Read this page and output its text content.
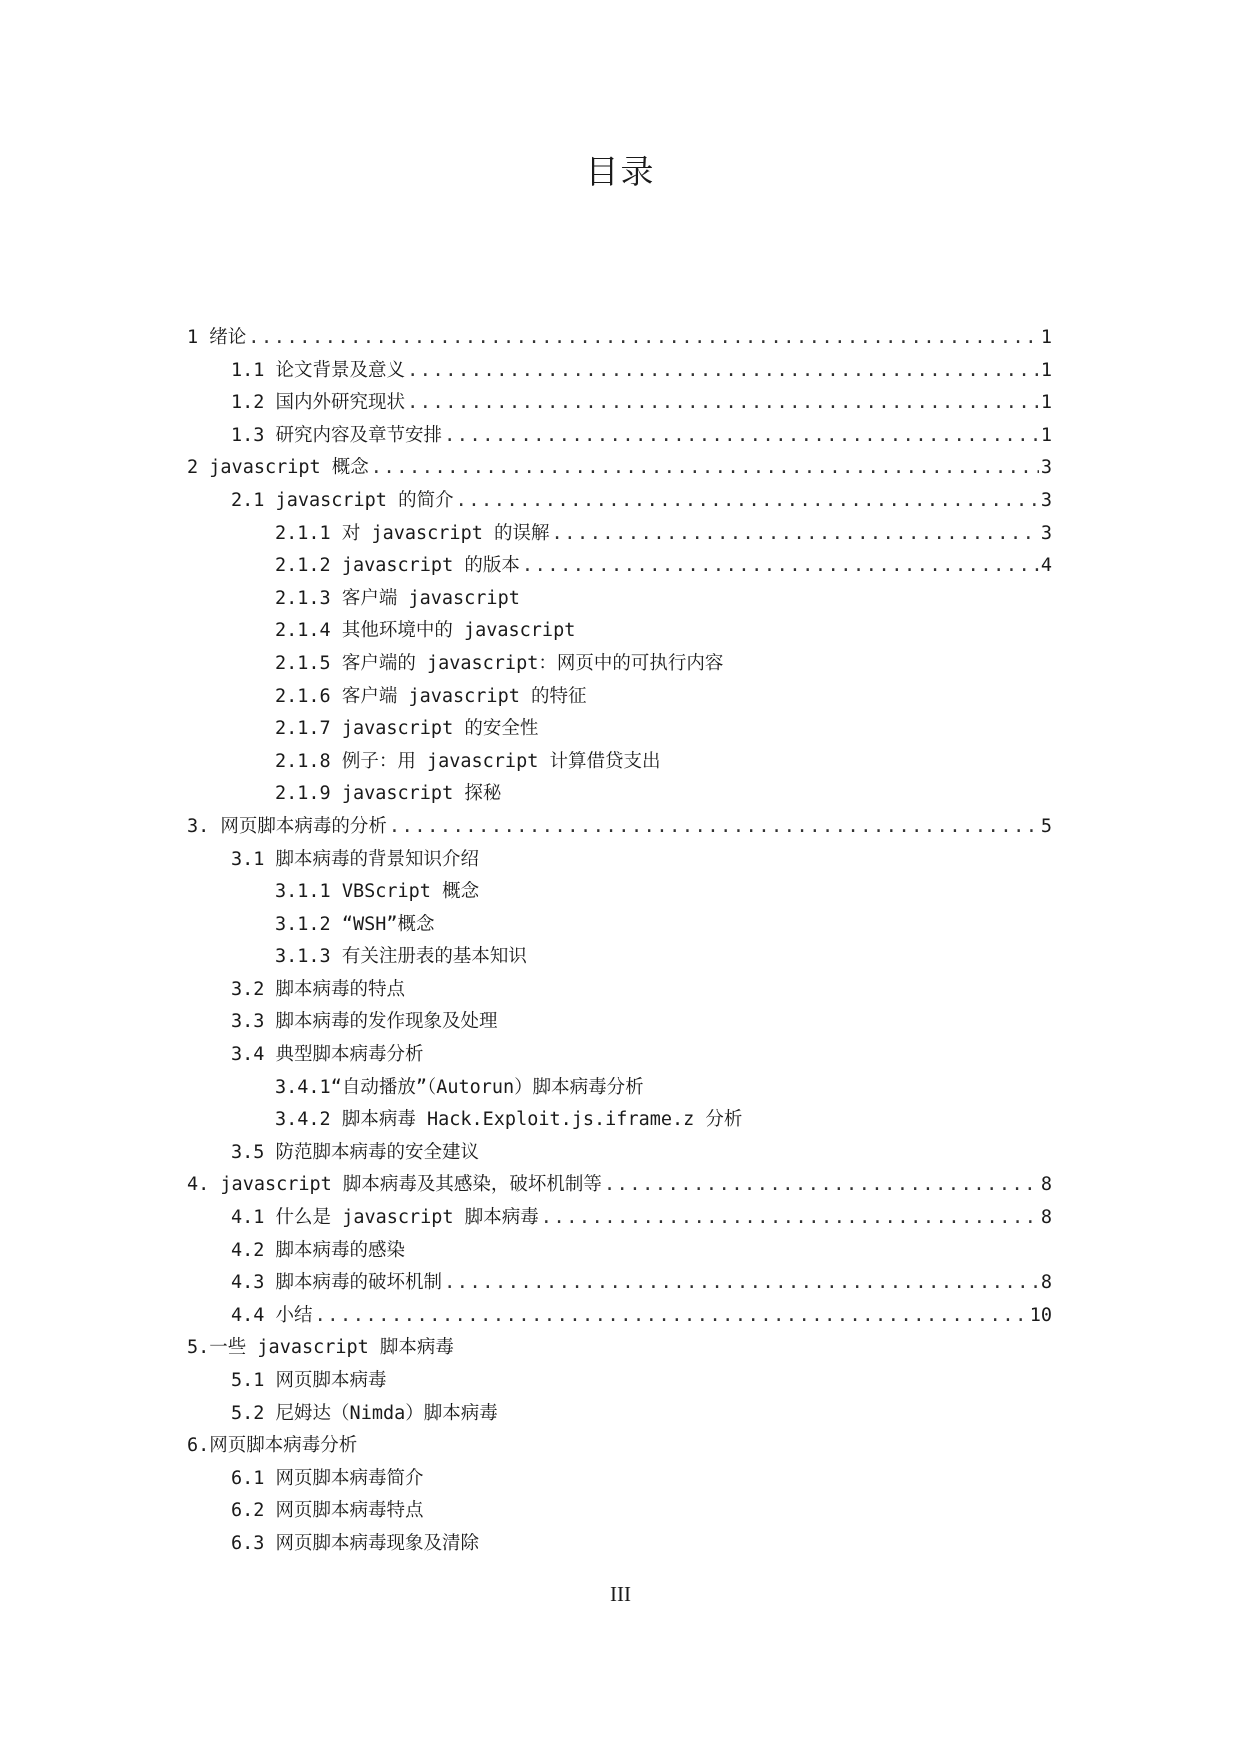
目录
1 绪论 .....	1
1.1 论文背景及意义 .....	1
1.2 国内外研究现状 .....	1
1.3 研究内容及章节安排 .....	1
2 javascript 概念 .....	3
2.1 javascript 的简介 .....	3
2.1.1 对 javascript 的误解 .....	3
2.1.2 javascript 的版本 .....	4
2.1.3 客户端 javascript
2.1.4 其他环境中的 javascript
2.1.5 客户端的 javascript：网页中的可执行内容
2.1.6 客户端 javascript 的特征
2.1.7 javascript 的安全性
2.1.8 例子：用 javascript 计算借贷支出
2.1.9 javascript 探秘
3. 网页脚本病毒的分析 .....	5
3.1 脚本病毒的背景知识介绍
3.1.1 VBScript 概念
3.1.2 “WSH”概念
3.1.3 有关注册表的基本知识
3.2 脚本病毒的特点
3.3 脚本病毒的发作现象及处理
3.4 典型脚本病毒分析
3.4.1“自动播放”（Autorun）脚本病毒分析
3.4.2 脚本病毒 Hack.Exploit.js.iframe.z 分析
3.5 防范脚本病毒的安全建议
4. javascript 脚本病毒及其感染，破坏机制等 .....	8
4.1 什么是 javascript 脚本病毒 .....	8
4.2 脚本病毒的感染
4.3 脚本病毒的破坏机制 .....	8
4.4 小结 .....	10
5.一些 javascript 脚本病毒
5.1 网页脚本病毒
5.2 尼姆达（Nimda）脚本病毒
6.网页脚本病毒分析
6.1 网页脚本病毒简介
6.2 网页脚本病毒特点
6.3 网页脚本病毒现象及清除
III
